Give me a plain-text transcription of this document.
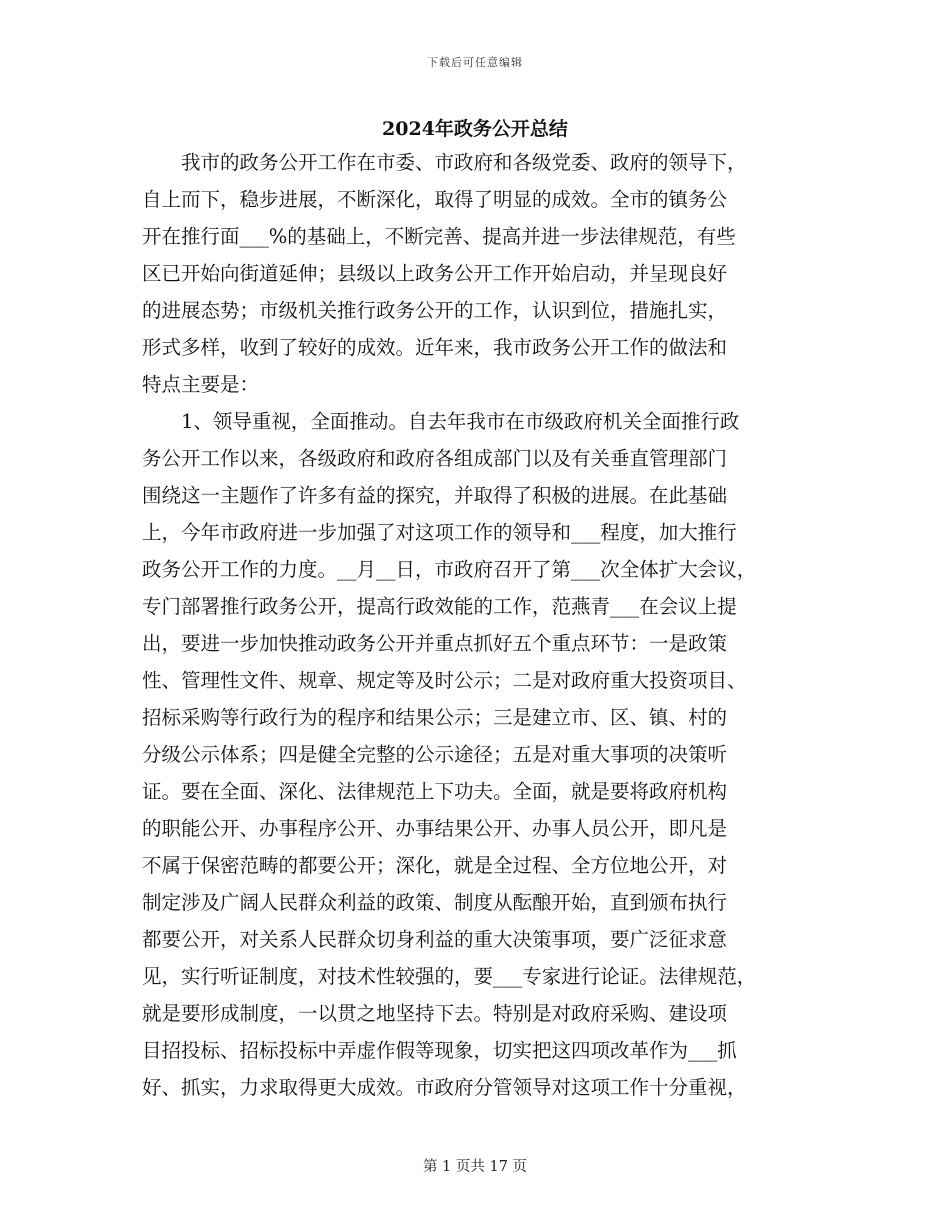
下载后可任意编辑
2024年政务公开总结
我市的政务公开工作在市委、市政府和各级党委、政府的领导下，
自上而下，稳步进展，不断深化，取得了明显的成效。全市的镇务公
开在推行面___%的基础上，不断完善、提高并进一步法律规范，有些
区已开始向街道延伸；县级以上政务公开工作开始启动，并呈现良好
的进展态势；市级机关推行政务公开的工作，认识到位，措施扎实，
形式多样，收到了较好的成效。近年来，我市政务公开工作的做法和
特点主要是：
1、领导重视，全面推动。自去年我市在市级政府机关全面推行政
务公开工作以来，各级政府和政府各组成部门以及有关垂直管理部门
围绕这一主题作了许多有益的探究，并取得了积极的进展。在此基础
上，今年市政府进一步加强了对这项工作的领导和___程度，加大推行
政务公开工作的力度。__月__日，市政府召开了第___次全体扩大会议，
专门部署推行政务公开，提高行政效能的工作，范燕青___在会议上提
出，要进一步加快推动政务公开并重点抓好五个重点环节：一是政策
性、管理性文件、规章、规定等及时公示；二是对政府重大投资项目、
招标采购等行政行为的程序和结果公示；三是建立市、区、镇、村的
分级公示体系；四是健全完整的公示途径；五是对重大事项的决策听
证。要在全面、深化、法律规范上下功夫。全面，就是要将政府机构
的职能公开、办事程序公开、办事结果公开、办事人员公开，即凡是
不属于保密范畴的都要公开；深化，就是全过程、全方位地公开，对
制定涉及广阔人民群众利益的政策、制度从酝酿开始，直到颁布执行
都要公开，对关系人民群众切身利益的重大决策事项，要广泛征求意
见，实行听证制度，对技术性较强的，要___专家进行论证。法律规范，
就是要形成制度，一以贯之地坚持下去。特别是对政府采购、建设项
目招投标、招标投标中弄虚作假等现象，切实把这四项改革作为___抓
好、抓实，力求取得更大成效。市政府分管领导对这项工作十分重视，
第 1 页共 17 页
